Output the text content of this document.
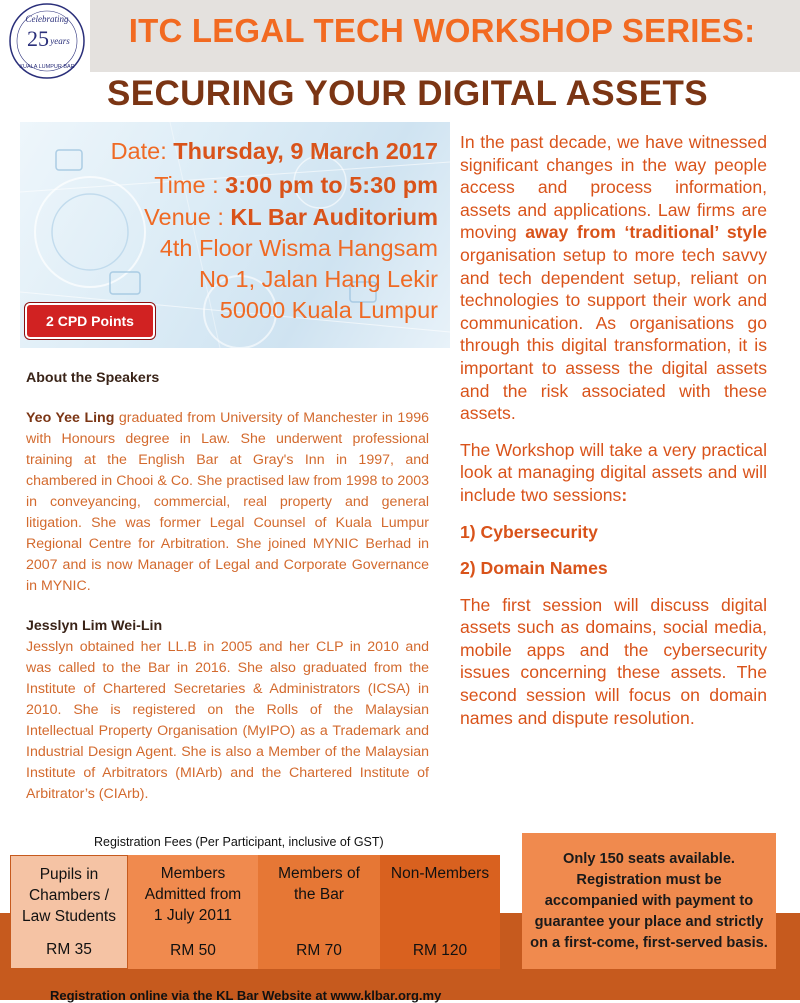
Celebrating
25 years
KUALA LUMPUR BAR
ITC LEGAL TECH WORKSHOP SERIES:
SECURING YOUR DIGITAL ASSETS
Date: Thursday, 9 March 2017
Time : 3:00 pm to 5:30 pm
Venue : KL Bar Auditorium
4th Floor Wisma Hangsam
No 1, Jalan Hang Lekir
50000 Kuala Lumpur
2 CPD Points
About the Speakers
Yeo Yee Ling graduated from University of Manchester in 1996 with Honours degree in Law. She underwent professional training at the English Bar at Gray's Inn in 1997, and chambered in Chooi & Co. She practised law from 1998 to 2003 in conveyancing, commercial, real property and general litigation. She was former Legal Counsel of Kuala Lumpur Regional Centre for Arbitration. She joined MYNIC Berhad in 2007 and is now Manager of Legal and Corporate Governance in MYNIC.
Jesslyn Lim Wei-Lin
Jesslyn obtained her LL.B in 2005 and her CLP in 2010 and was called to the Bar in 2016. She also graduated from the Institute of Chartered Secretaries & Administrators (ICSA) in 2010. She is registered on the Rolls of the Malaysian Intellectual Property Organisation (MyIPO) as a Trademark and Industrial Design Agent. She is also a Member of the Malaysian Institute of Arbitrators (MIArb) and the Chartered Institute of Arbitrator’s (CIArb).

In the past decade, we have witnessed significant changes in the way people access and process information, assets and applications. Law firms are moving away from ‘traditional’ style organisation setup to more tech savvy and tech dependent setup, reliant on technologies to support their work and communication. As organisations go through this digital transformation, it is important to assess the digital assets and the risk associated with these assets.

The Workshop will take a very practical look at managing digital assets and will include two sessions:

1) Cybersecurity
2) Domain Names

The first session will discuss digital assets such as domains, social media, mobile apps and the cybersecurity issues concerning these assets. The second session will focus on domain names and dispute resolution.

Registration Fees (Per Participant, inclusive of GST)
Pupils in
Chambers /
Law Students
RM 35
Members
Admitted from
1 July 2011
RM 50
Members of
the Bar
RM 70
Non-Members
RM 120
Only 150 seats available. Registration must be accompanied with payment to guarantee your place and strictly on a first-come, first-served basis.
Registration online via the KL Bar Website at www.klbar.org.my
